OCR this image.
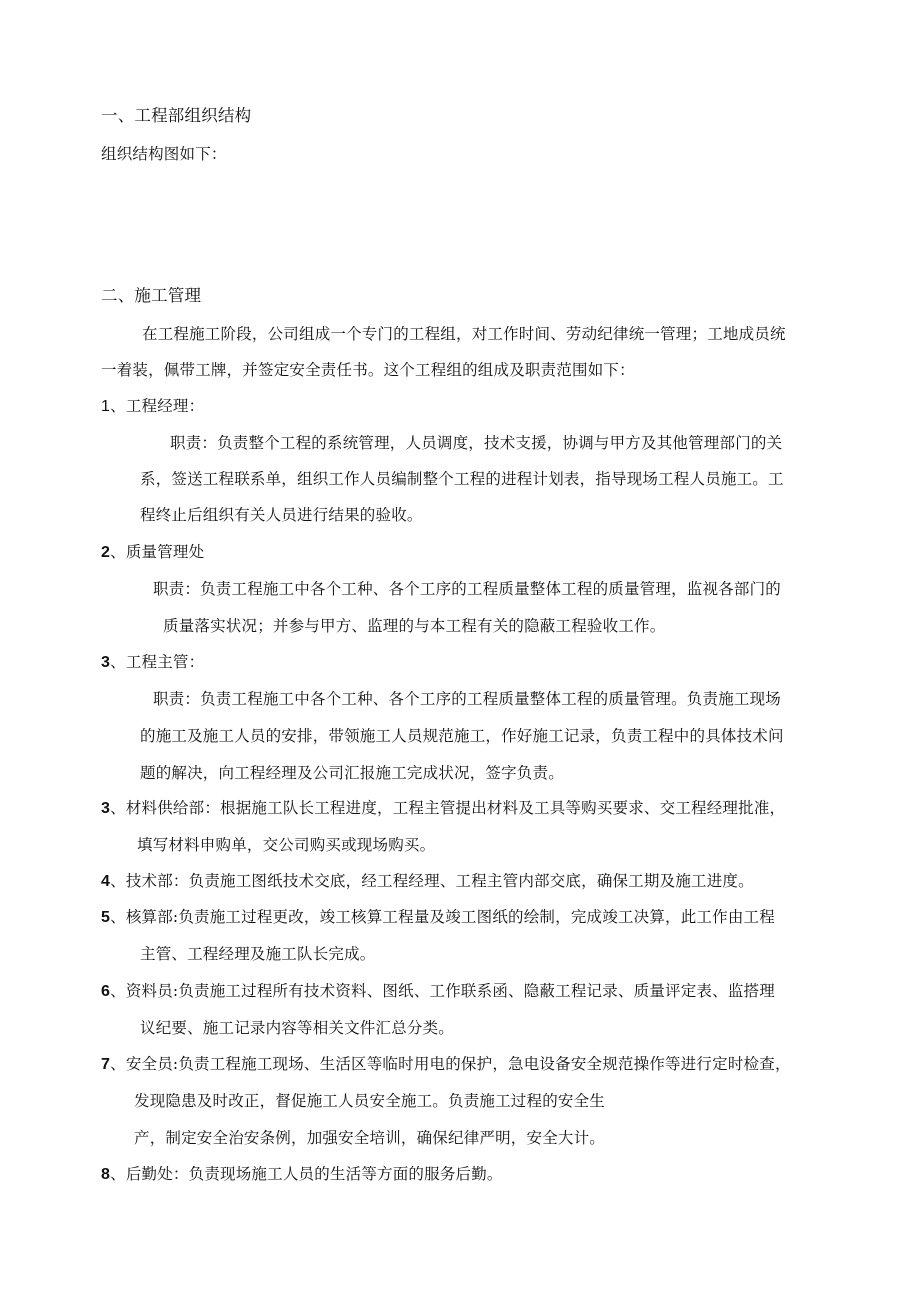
一、工程部组织结构
组织结构图如下：
二、施工管理
在工程施工阶段，公司组成一个专门的工程组，对工作时间、劳动纪律统一管理；工地成员统
一着装，佩带工牌，并签定安全责任书。这个工程组的组成及职责范围如下：
1、工程经理：
职责：负责整个工程的系统管理，人员调度，技术支援，协调与甲方及其他管理部门的关
系，签送工程联系单，组织工作人员编制整个工程的进程计划表，指导现场工程人员施工。工
程终止后组织有关人员进行结果的验收。
2、质量管理处
职责：负责工程施工中各个工种、各个工序的工程质量整体工程的质量管理，监视各部门的
质量落实状况；并参与甲方、监理的与本工程有关的隐蔽工程验收工作。
3、工程主管：
职责：负责工程施工中各个工种、各个工序的工程质量整体工程的质量管理。负责施工现场
的施工及施工人员的安排，带领施工人员规范施工，作好施工记录，负责工程中的具体技术问
题的解决，向工程经理及公司汇报施工完成状况，签字负责。
3、材料供给部：根据施工队长工程进度，工程主管提出材料及工具等购买要求、交工程经理批准，
填写材料申购单，交公司购买或现场购买。
4、技术部：负责施工图纸技术交底，经工程经理、工程主管内部交底，确保工期及施工进度。
5、核算部:负责施工过程更改，竣工核算工程量及竣工图纸的绘制，完成竣工决算，此工作由工程
主管、工程经理及施工队长完成。
6、资料员:负责施工过程所有技术资料、图纸、工作联系函、隐蔽工程记录、质量评定表、监搭理
议纪要、施工记录内容等相关文件汇总分类。
7、安全员:负责工程施工现场、生活区等临时用电的保护，急电设备安全规范操作等进行定时检查，
发现隐患及时改正，督促施工人员安全施工。负责施工过程的安全生
产，制定安全治安条例，加强安全培训，确保纪律严明，安全大计。
8、后勤处：负责现场施工人员的生活等方面的服务后勤。
